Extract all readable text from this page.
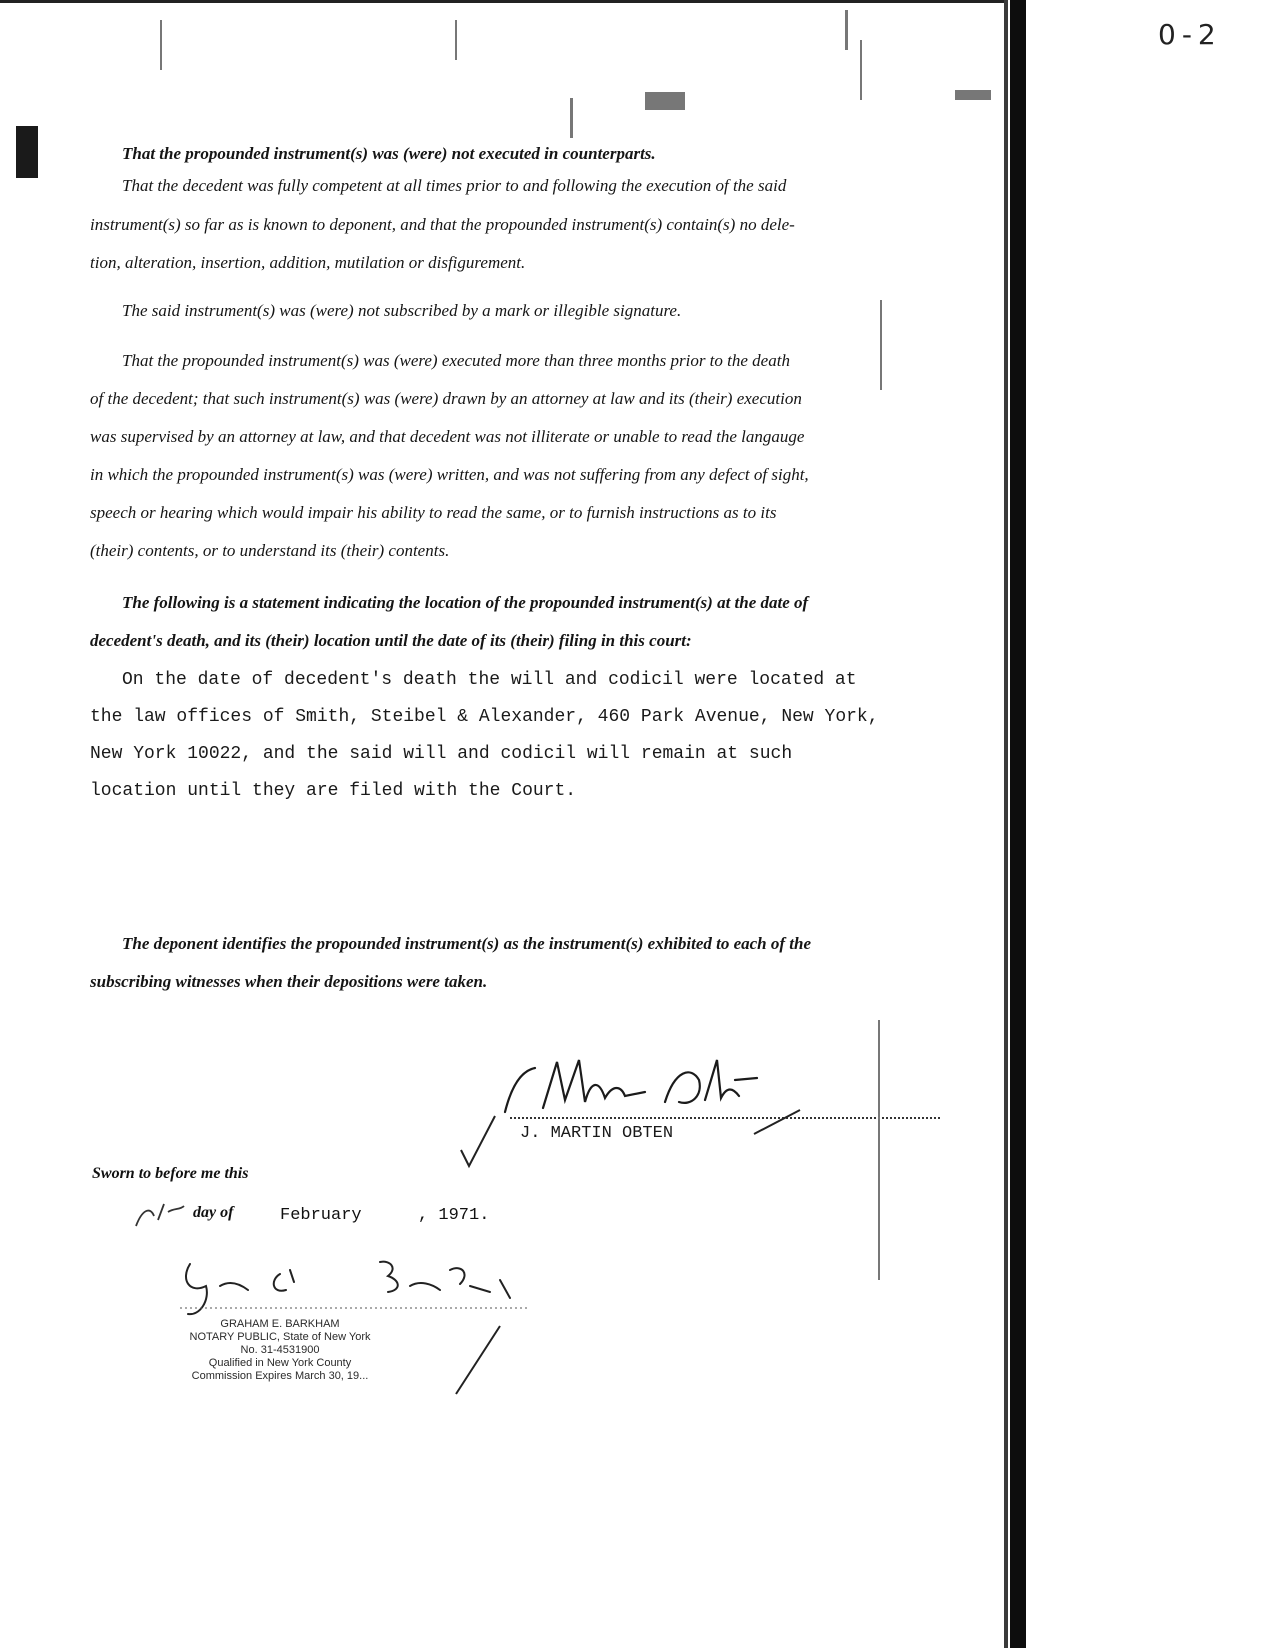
0-2
That the propounded instrument(s) was (were) not executed in counterparts.
That the decedent was fully competent at all times prior to and following the execution of the said
instrument(s) so far as is known to deponent, and that the propounded instrument(s) contain(s) no dele-
tion, alteration, insertion, addition, mutilation or disfigurement.
The said instrument(s) was (were) not subscribed by a mark or illegible signature.
That the propounded instrument(s) was (were) executed more than three months prior to the death
of the decedent; that such instrument(s) was (were) drawn by an attorney at law and its (their) execution
was supervised by an attorney at law, and that decedent was not illiterate or unable to read the langauge
in which the propounded instrument(s) was (were) written, and was not suffering from any defect of sight,
speech or hearing which would impair his ability to read the same, or to furnish instructions as to its
(their) contents, or to understand its (their) contents.
The following is a statement indicating the location of the propounded instrument(s) at the date of
decedent's death, and its (their) location until the date of its (their) filing in this court:
On the date of decedent's death the will and codicil were located at
the law offices of Smith, Steibel & Alexander, 460 Park Avenue, New York,
New York 10022, and the said will and codicil will remain at such
location until they are filed with the Court.
The deponent identifies the propounded instrument(s) as the instrument(s) exhibited to each of the
subscribing witnesses when their depositions were taken.
J. MARTIN OBTEN
Sworn to before me this
day of	February	, 1971.
GRAHAM E. BARKHAM
NOTARY PUBLIC, State of New York
No. 31-4531900
Qualified in New York County
Commission Expires March 30, 19...
